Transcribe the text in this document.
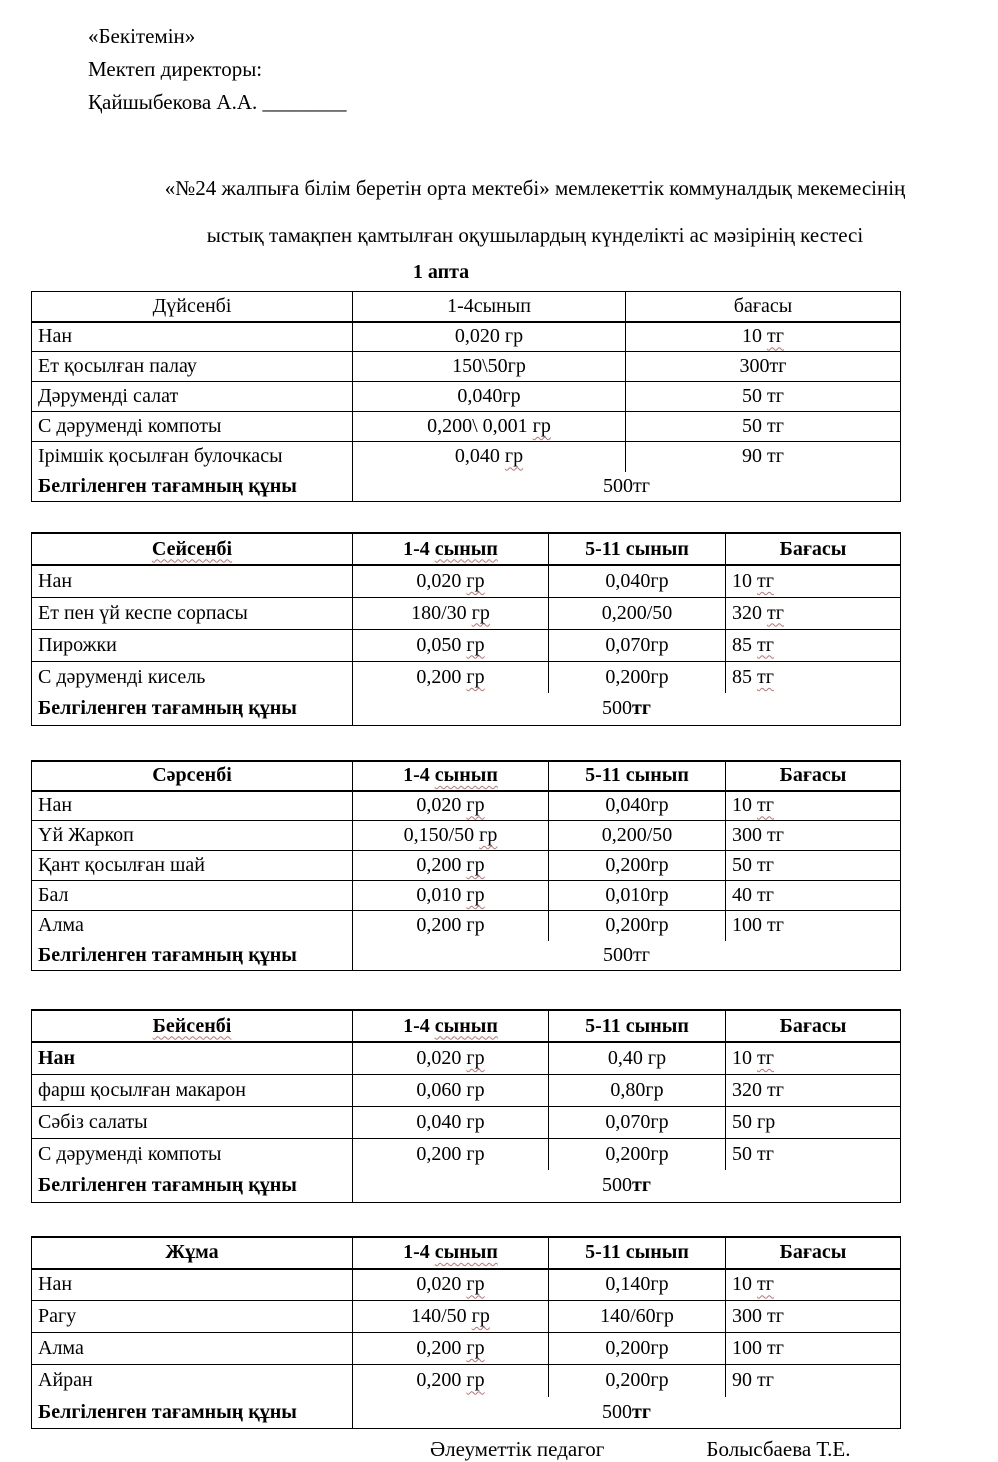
«Бекітемін»
Мектеп директоры:
Қайшыбекова А.А. ________
«№24 жалпыға білім беретін орта мектебі» мемлекеттік коммуналдық мекемесінің
ыстық тамақпен қамтылған оқушылардың күнделікті ас мәзірінің кестесі
1 апта
Дүйсенбі	1-4сынып	бағасы
Нан	0,020 гр	10 тг
Ет қосылған палау	150\50гр	300тг
Дәруменді салат	0,040гр	50 тг
С дәруменді компоты	0,200\ 0,001 гр	50 тг
Ірімшік қосылған булочкасы	0,040 гр	90 тг
Белгіленген тағамның құны	500тг	
Сейсенбі	1-4 сынып	5-11 сынып	Бағасы
Нан	0,020 гр	0,040гр	10 тг
Ет пен үй кеспе сорпасы	180/30 гр	0,200/50	320 тг
Пирожки	0,050 гр	0,070гр	85 тг
С дәруменді кисель	0,200 гр	0,200гр	85 тг
Белгіленген тағамның құны	500тг		
Сәрсенбі	1-4 сынып	5-11 сынып	Бағасы
Нан	0,020 гр	0,040гр	10 тг
Үй Жаркоп	0,150/50 гр	0,200/50	300 тг
Қант қосылған шай	0,200 гр	0,200гр	50 тг
Бал	0,010 гр	0,010гр	40 тг
Алма	0,200 гр	0,200гр	100 тг
Белгіленген тағамның құны	500тг		
Бейсенбі	1-4 сынып	5-11 сынып	Бағасы
Нан	0,020 гр	0,40 гр	10 тг
фарш қосылған макарон	0,060 гр	0,80гр	320 тг
Сәбіз салаты	0,040 гр	0,070гр	50 гр
С дәруменді компоты	0,200 гр	0,200гр	50 тг
Белгіленген тағамның құны	500тг		
Жұма	1-4 сынып	5-11 сынып	Бағасы
Нан	0,020 гр	0,140гр	10 тг
Рагу	140/50 гр	140/60гр	300 тг
Алма	0,200 гр	0,200гр	100 тг
Айран	0,200 гр	0,200гр	90 тг
Белгіленген тағамның құны	500тг		
Әлеуметтік педагог	Болысбаева Т.Е.
